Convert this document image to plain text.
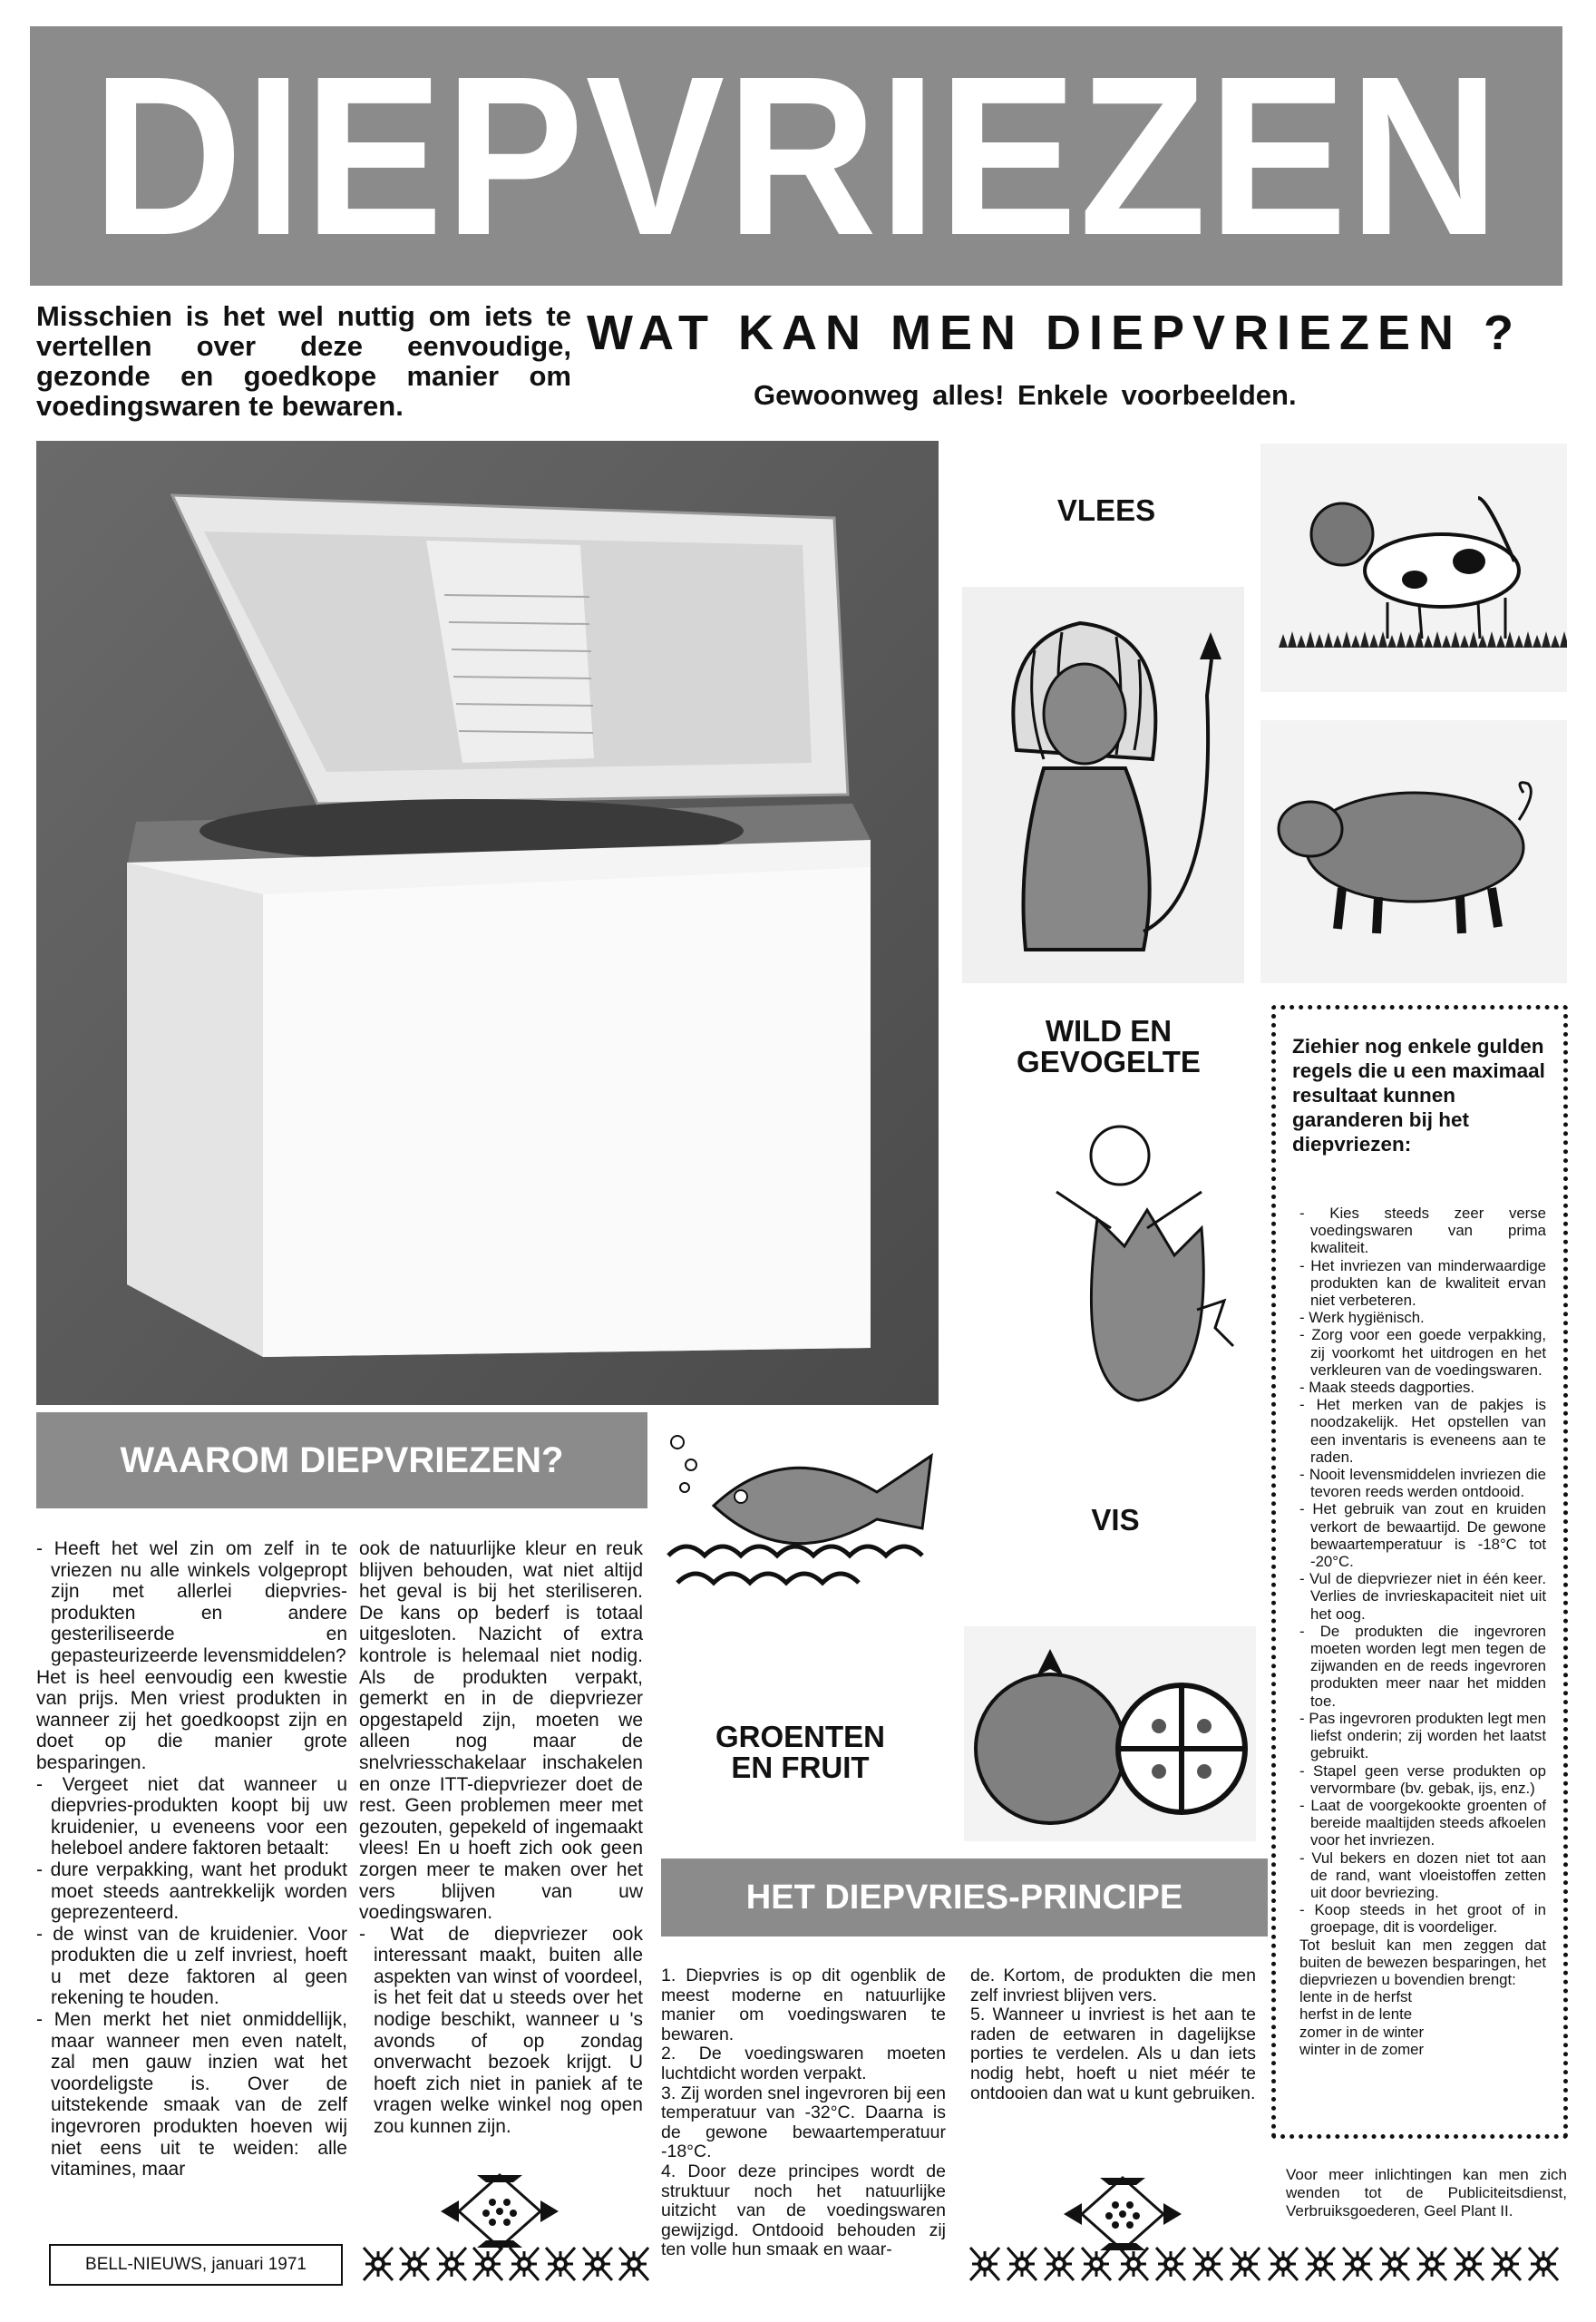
DIEPVRIEZEN
Misschien is het wel nuttig om iets te vertellen over deze eenvoudige, gezonde en goedkope manier om voedingswaren te bewaren.
WAT KAN MEN DIEPVRIEZEN ?
Gewoonweg alles! Enkele voorbeelden.
VLEES
WILD EN GEVOGELTE	Ziehier nog enkele gulden regels die u een maximaal resultaat kunnen garanderen bij het diepvriezen:

- Kies steeds zeer verse voedingswaren van prima kwaliteit.

- Het invriezen van minderwaardige produkten kan de kwaliteit ervan niet verbeteren.

- Werk hygiënisch.

- Zorg voor een goede verpakking, zij voorkomt het uitdrogen en het verkleuren van de voedingswaren.

- Maak steeds dagporties.

- Het merken van de pakjes is noodzakelijk. Het opstellen van een inventaris is eveneens aan te raden.

- Nooit levensmiddelen invriezen die tevoren reeds werden ontdooid.

- Het gebruik van zout en kruiden verkort de bewaartijd. De gewone bewaartemperatuur is -18°C tot -20°C.

- Vul de diepvriezer niet in één keer. Verlies de invrieskapaciteit niet uit het oog.

- De produkten die ingevroren moeten worden legt men tegen de zijwanden en de reeds ingevroren produkten meer naar het midden toe.

- Pas ingevroren produkten legt men liefst onderin; zij worden het laatst gebruikt.

- Stapel geen verse produkten op vervormbare (bv. gebak, ijs, enz.)

- Laat de voorgekookte groenten of bereide maaltijden steeds afkoelen voor het invriezen.

- Vul bekers en dozen niet tot aan de rand, want vloeistoffen zetten uit door bevriezing.

- Koop steeds in het groot of in groepage, dit is voordeliger.

Tot besluit kan men zeggen dat buiten de bewezen besparingen, het diepvriezen u bovendien brengt:

lente in de herfst

herfst in de lente

zomer in de winter

winter in de zomer

WAAROM DIEPVRIEZEN?
VIS
GROENTEN EN FRUIT

- Heeft het wel zin om zelf in te vriezen nu alle winkels volgepropt zijn met allerlei diepvries-produkten en andere gesteriliseerde en gepasteurizeerde levensmiddelen?

Het is heel eenvoudig een kwestie van prijs. Men vriest produkten in wanneer zij het goedkoopst zijn en doet op die manier grote besparingen.

- Vergeet niet dat wanneer u diepvries-produkten koopt bij uw kruidenier, u eveneens voor een heleboel andere faktoren betaalt:

- dure verpakking, want het produkt moet steeds aantrekkelijk worden geprezenteerd.

- de winst van de kruidenier. Voor produkten die u zelf invriest, hoeft u met deze faktoren al geen rekening te houden.

- Men merkt het niet onmiddellijk, maar wanneer men even natelt, zal men gauw inzien wat het voordeligste is. Over de uitstekende smaak van de zelf ingevroren produkten hoeven wij niet eens uit te weiden: alle vitamines, maar

ook de natuurlijke kleur en reuk blijven behouden, wat niet altijd het geval is bij het steriliseren. De kans op bederf is totaal uitgesloten. Nazicht of extra kontrole is helemaal niet nodig. Als de produkten verpakt, gemerkt en in de diepvriezer opgestapeld zijn, moeten we alleen nog maar de snelvriesschakelaar inschakelen en onze ITT-diepvriezer doet de rest. Geen problemen meer met gezouten, gepekeld of ingemaakt vlees! En u hoeft zich ook geen zorgen meer te maken over het vers blijven van uw voedingswaren.

- Wat de diepvriezer ook interessant maakt, buiten alle aspekten van winst of voordeel, is het feit dat u steeds over het nodige beschikt, wanneer u 's avonds of op zondag onverwacht bezoek krijgt. U hoeft zich niet in paniek af te vragen welke winkel nog open zou kunnen zijn.

HET DIEPVRIES-PRINCIPE

1. Diepvries is op dit ogenblik de meest moderne en natuurlijke manier om voedingswaren te bewaren.

2. De voedingswaren moeten luchtdicht worden verpakt.

3. Zij worden snel ingevroren bij een temperatuur van -32°C. Daarna is de gewone bewaartemperatuur -18°C.

4. Door deze principes wordt de struktuur noch het natuurlijke uitzicht van de voedingswaren gewijzigd. Ontdooid behouden zij ten volle hun smaak en waar-

de. Kortom, de produkten die men zelf invriest blijven vers.

5. Wanneer u invriest is het aan te raden de eetwaren in dagelijkse porties te verdelen. Als u dan iets nodig hebt, hoeft u niet méér te ontdooien dan wat u kunt gebruiken.

Voor meer inlichtingen kan men zich wenden tot de Publiciteitsdienst, Verbruiksgoederen, Geel Plant II.
BELL-NIEUWS, januari 1971
